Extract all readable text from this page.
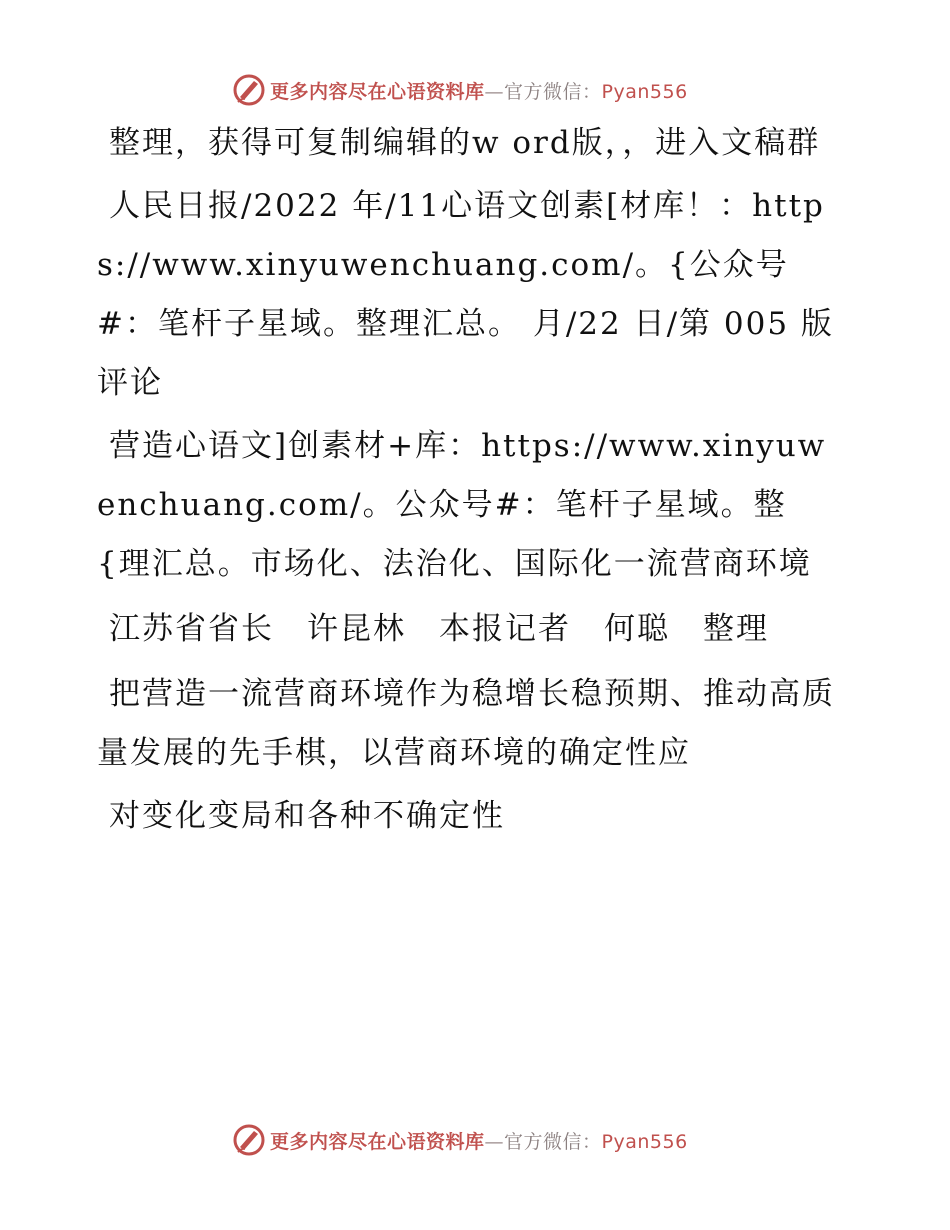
更多内容尽在心语资料库—官方微信：Pyan556

整理，获得可复制编辑的w ord版，，进入文稿群

人民日报/2022 年/11心语文创素[材库！：https://www.xinyuwenchuang.com/。{公众号#：笔杆子星域。整理汇总。 月/22 日/第 005 版评论

营造心语文]创素材+库：https://www.xinyuwenchuang.com/。公众号#：笔杆子星域。整{理汇总。市场化、法治化、国际化一流营商环境

江苏省省长　许昆林　本报记者　何聪　整理

把营造一流营商环境作为稳增长稳预期、推动高质量发展的先手棋，以营商环境的确定性应

对变化变局和各种不确定性

更多内容尽在心语资料库—官方微信：Pyan556
